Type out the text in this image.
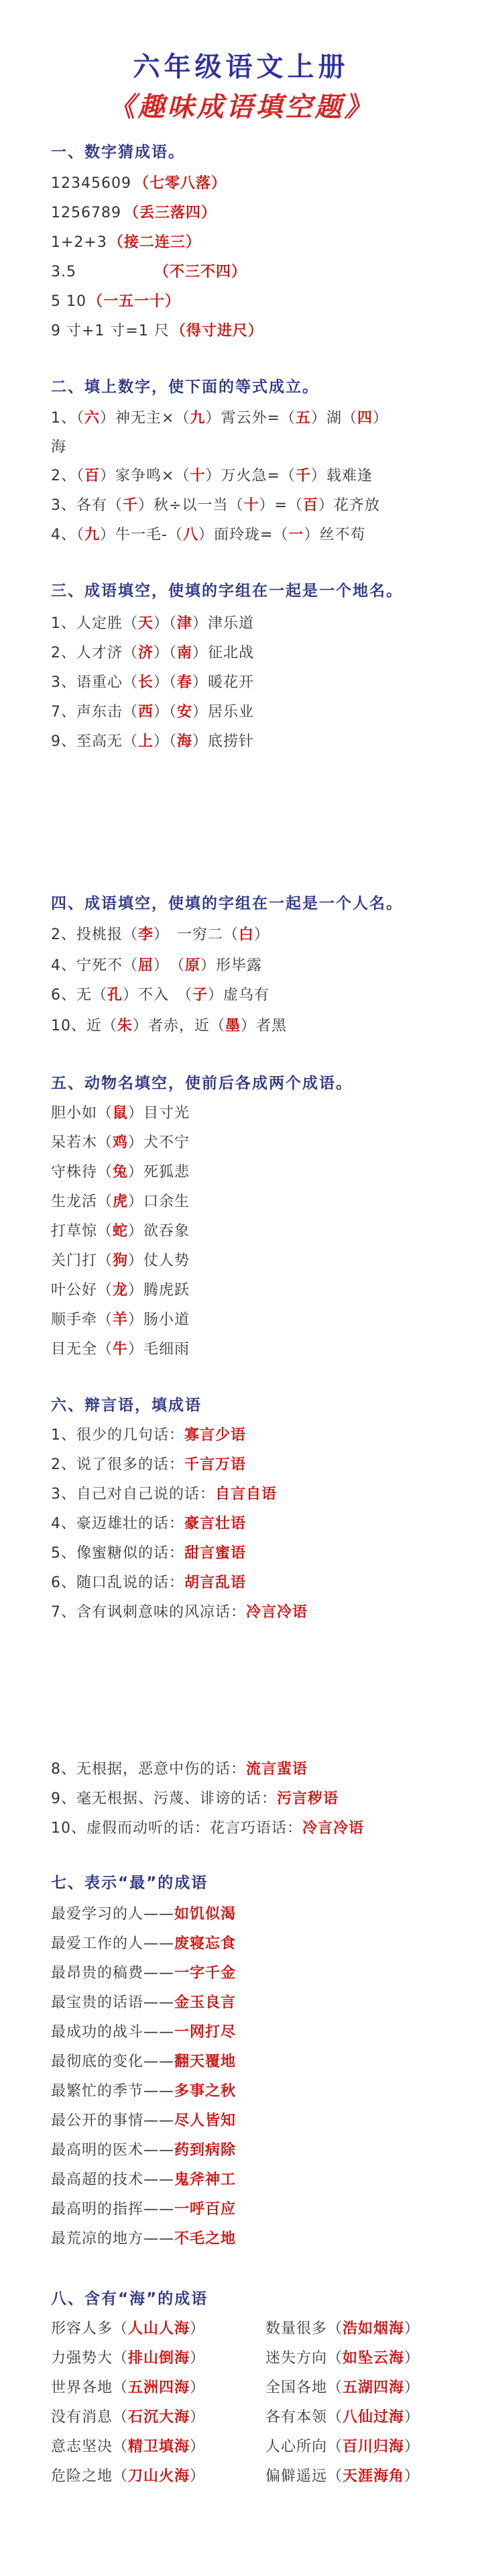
六年级语文上册
《趣味成语填空题》
一、数字猜成语。
12345609 （七零八落）
1256789 （丢三落四）
1+2+3（接二连三）
3.5	（不三不四）
5 10（一五一十）
9 寸+1 寸=1 尺（得寸进尺）
二、填上数字，使下面的等式成立。
1、（六）神无主×（九）霄云外=（五）湖（四）
2、（百）家争鸣×（十）万火急=（千）载难逢
3、各有（千）秋÷以一当（十）=（百）花齐放
4、（九）牛一毛-（八）面玲珑=（一）丝不苟
海
三、成语填空，使填的字组在一起是一个地名。
1、人定胜（天）（津）津乐道
2、人才济（济）（南）征北战
3、语重心（长）（春）暖花开
7、声东击（西）（安）居乐业
9、至高无（上）（海）底捞针
四、成语填空，使填的字组在一起是一个人名。
2、投桃报（李）　一穷二（白）
4、宁死不（屈）　（原）形毕露
6、无（孔）不入　（子）虚乌有
10、近（朱）者赤，近（墨）者黑
五、动物名填空，使前后各成两个成语。
胆小如（鼠）目寸光
呆若木（鸡）犬不宁
守株待（兔）死狐悲
生龙活（虎）口余生
打草惊（蛇）欲吞象
关门打（狗）仗人势
叶公好（龙）腾虎跃
顺手牵（羊）肠小道
目无全（牛）毛细雨
六、辩言语，填成语
1、很少的几句话：寡言少语
2、说了很多的话：千言万语
3、自己对自己说的话：自言自语
4、豪迈雄壮的话：豪言壮语
5、像蜜糖似的话：甜言蜜语
6、随口乱说的话：胡言乱语
7、含有讽刺意味的风凉话：冷言冷语
8、无根据，恶意中伤的话：流言蜚语
9、毫无根据、污蔑、诽谤的话：污言秽语
10、虚假而动听的话：花言巧语话：冷言冷语
七、表示“最”的成语
最爱学习的人——如饥似渴
最爱工作的人——废寝忘食
最昂贵的稿费——一字千金
最宝贵的话语——金玉良言
最成功的战斗——一网打尽
最彻底的变化——翻天覆地
最繁忙的季节——多事之秋
最公开的事情——尽人皆知
最高明的医术——药到病除
最高超的技术——鬼斧神工
最高明的指挥——一呼百应
最荒凉的地方——不毛之地
八、含有“海”的成语
形容人多（人山人海）	数量很多（浩如烟海）
力强势大（排山倒海）	迷失方向（如坠云海）
世界各地（五洲四海）	全国各地（五湖四海）
没有消息（石沉大海）	各有本领（八仙过海）
意志坚决（精卫填海）	人心所向（百川归海）
危险之地（刀山火海）	偏僻遥远（天涯海角）
